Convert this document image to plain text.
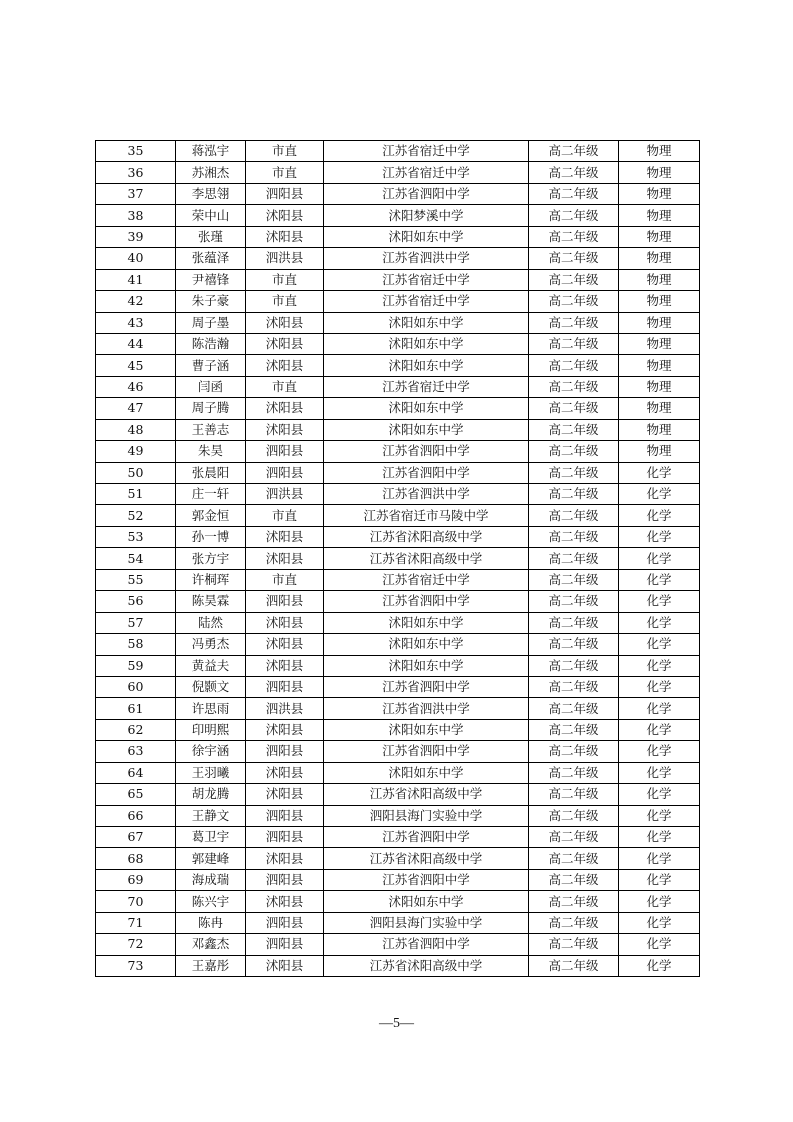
35	蒋泓宇	市直	江苏省宿迁中学	高二年级	物理
36	苏湘杰	市直	江苏省宿迁中学	高二年级	物理
37	李思翎	泗阳县	江苏省泗阳中学	高二年级	物理
38	荣中山	沭阳县	沭阳梦溪中学	高二年级	物理
39	张瑾	沭阳县	沭阳如东中学	高二年级	物理
40	张蕴泽	泗洪县	江苏省泗洪中学	高二年级	物理
41	尹禧锋	市直	江苏省宿迁中学	高二年级	物理
42	朱子豪	市直	江苏省宿迁中学	高二年级	物理
43	周子墨	沭阳县	沭阳如东中学	高二年级	物理
44	陈浩瀚	沭阳县	沭阳如东中学	高二年级	物理
45	曹子涵	沭阳县	沭阳如东中学	高二年级	物理
46	闫函	市直	江苏省宿迁中学	高二年级	物理
47	周子腾	沭阳县	沭阳如东中学	高二年级	物理
48	王善志	沭阳县	沭阳如东中学	高二年级	物理
49	朱昊	泗阳县	江苏省泗阳中学	高二年级	物理
50	张晨阳	泗阳县	江苏省泗阳中学	高二年级	化学
51	庄一轩	泗洪县	江苏省泗洪中学	高二年级	化学
52	郭金恒	市直	江苏省宿迁市马陵中学	高二年级	化学
53	孙一博	沭阳县	江苏省沭阳高级中学	高二年级	化学
54	张方宇	沭阳县	江苏省沭阳高级中学	高二年级	化学
55	许桐珲	市直	江苏省宿迁中学	高二年级	化学
56	陈昊霖	泗阳县	江苏省泗阳中学	高二年级	化学
57	陆然	沭阳县	沭阳如东中学	高二年级	化学
58	冯勇杰	沭阳县	沭阳如东中学	高二年级	化学
59	黄益夫	沭阳县	沭阳如东中学	高二年级	化学
60	倪颢文	泗阳县	江苏省泗阳中学	高二年级	化学
61	许思雨	泗洪县	江苏省泗洪中学	高二年级	化学
62	印明熙	沭阳县	沭阳如东中学	高二年级	化学
63	徐宇涵	泗阳县	江苏省泗阳中学	高二年级	化学
64	王羽曦	沭阳县	沭阳如东中学	高二年级	化学
65	胡龙腾	沭阳县	江苏省沭阳高级中学	高二年级	化学
66	王静文	泗阳县	泗阳县海门实验中学	高二年级	化学
67	葛卫宇	泗阳县	江苏省泗阳中学	高二年级	化学
68	郭建峰	沭阳县	江苏省沭阳高级中学	高二年级	化学
69	海成瑞	泗阳县	江苏省泗阳中学	高二年级	化学
70	陈兴宇	沭阳县	沭阳如东中学	高二年级	化学
71	陈冉	泗阳县	泗阳县海门实验中学	高二年级	化学
72	邓鑫杰	泗阳县	江苏省泗阳中学	高二年级	化学
73	王嘉彤	沭阳县	江苏省沭阳高级中学	高二年级	化学
—5—
